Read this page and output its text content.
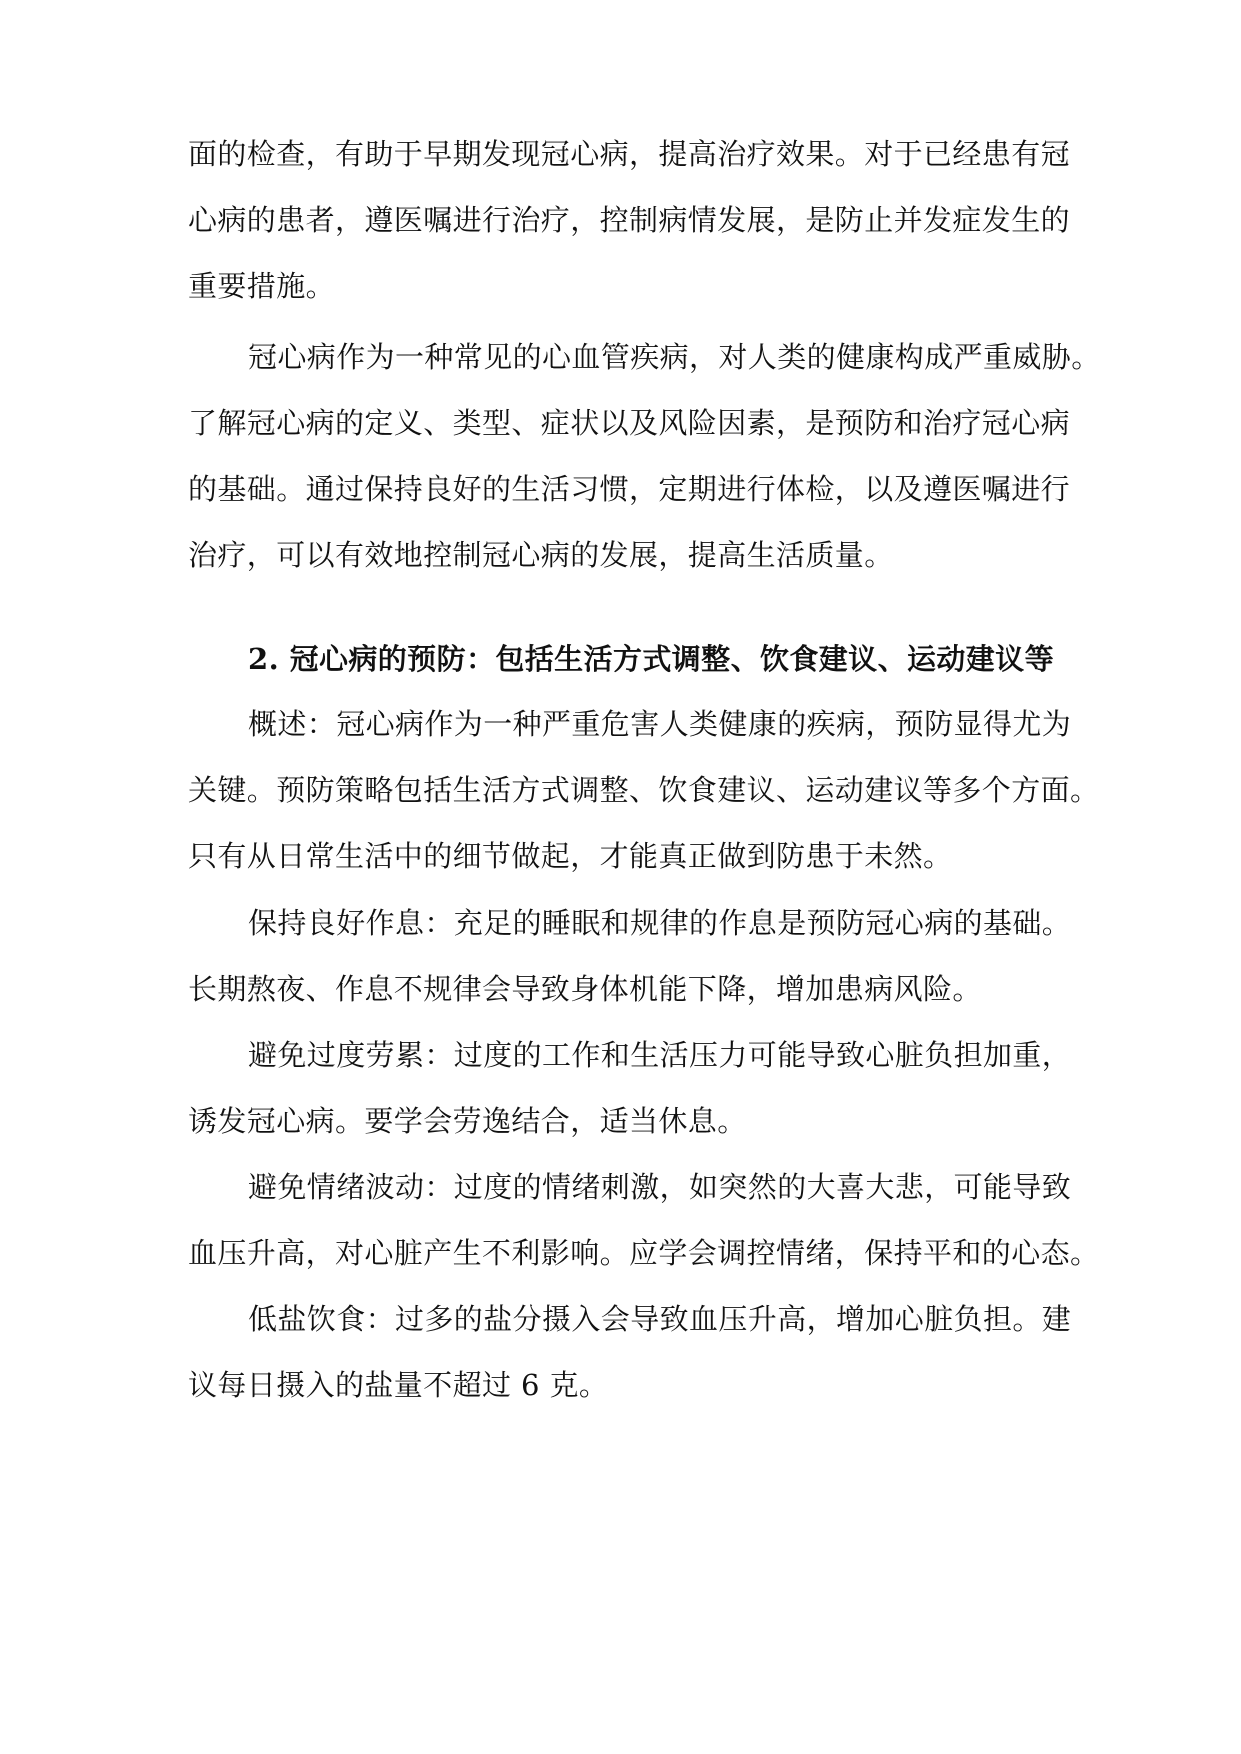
面的检查，有助于早期发现冠心病，提高治疗效果。对于已经患有冠
心病的患者，遵医嘱进行治疗，控制病情发展，是防止并发症发生的
重要措施。
冠心病作为一种常见的心血管疾病，对人类的健康构成严重威胁。
了解冠心病的定义、类型、症状以及风险因素，是预防和治疗冠心病
的基础。通过保持良好的生活习惯，定期进行体检，以及遵医嘱进行
治疗，可以有效地控制冠心病的发展，提高生活质量。
2. 冠心病的预防：包括生活方式调整、饮食建议、运动建议等
概述：冠心病作为一种严重危害人类健康的疾病，预防显得尤为
关键。预防策略包括生活方式调整、饮食建议、运动建议等多个方面。
只有从日常生活中的细节做起，才能真正做到防患于未然。
保持良好作息：充足的睡眠和规律的作息是预防冠心病的基础。
长期熬夜、作息不规律会导致身体机能下降，增加患病风险。
避免过度劳累：过度的工作和生活压力可能导致心脏负担加重，
诱发冠心病。要学会劳逸结合，适当休息。
避免情绪波动：过度的情绪刺激，如突然的大喜大悲，可能导致
血压升高，对心脏产生不利影响。应学会调控情绪，保持平和的心态。
低盐饮食：过多的盐分摄入会导致血压升高，增加心脏负担。建
议每日摄入的盐量不超过 6 克。
